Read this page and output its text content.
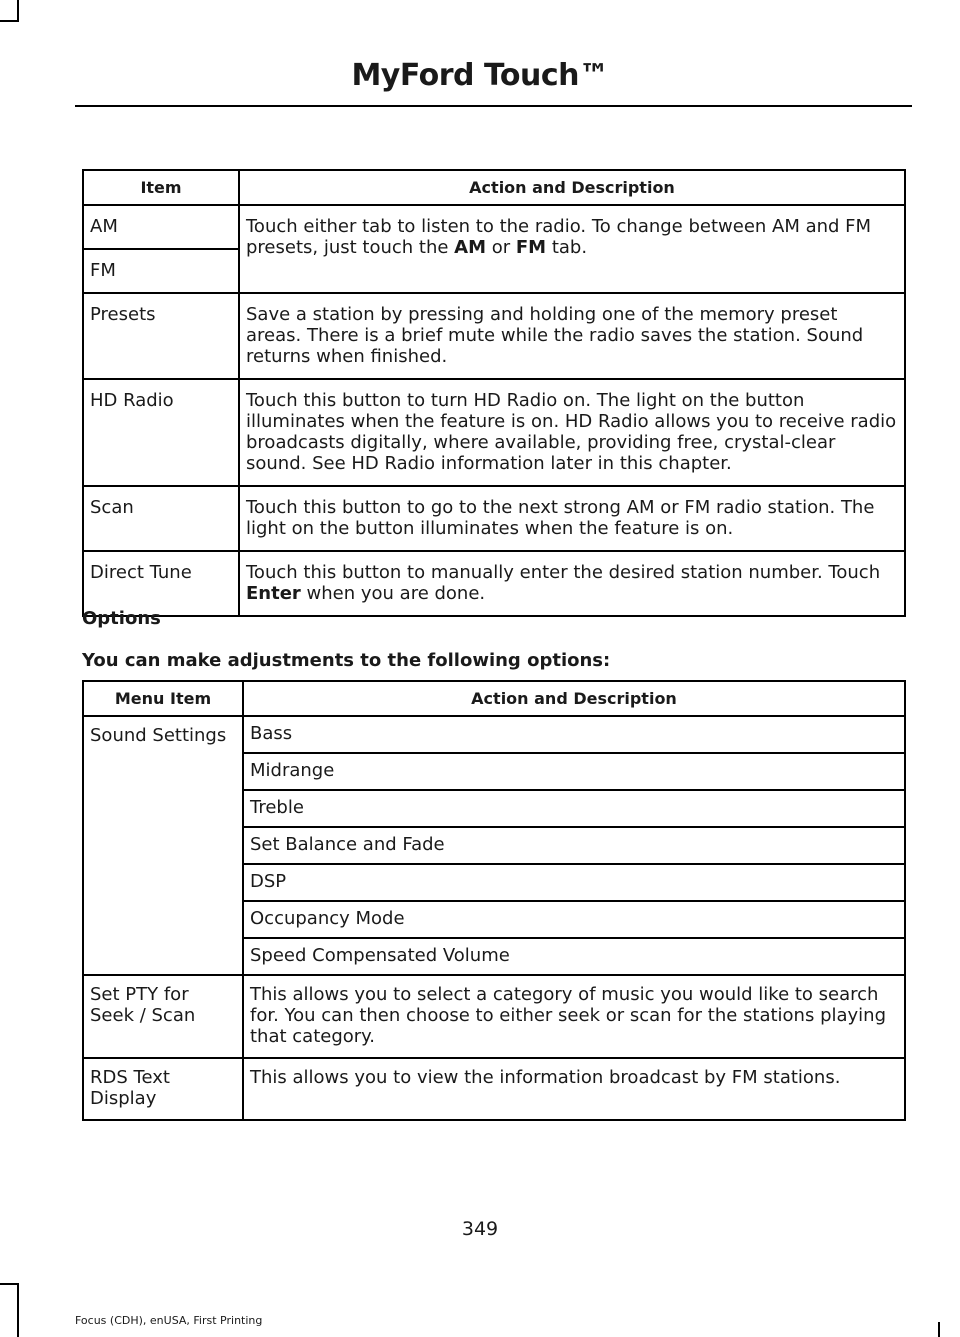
MyFord Touch™
Item	Action and Description
AM	Touch either tab to listen to the radio. To change between AM and FM presets, just touch the AM or FM tab.
FM	
Presets	Save a station by pressing and holding one of the memory preset areas. There is a brief mute while the radio saves the station. Sound returns when finished.
HD Radio	Touch this button to turn HD Radio on. The light on the button illuminates when the feature is on. HD Radio allows you to receive radio broadcasts digitally, where available, providing free, crystal-clear sound. See HD Radio information later in this chapter.
Scan	Touch this button to go to the next strong AM or FM radio station. The light on the button illuminates when the feature is on.
Direct Tune	Touch this button to manually enter the desired station number. Touch Enter when you are done.
Options
You can make adjustments to the following options:
Menu Item	Action and Description
Sound Settings	Bass
	Midrange
	Treble
	Set Balance and Fade
	DSP
	Occupancy Mode
	Speed Compensated Volume
Set PTY for Seek / Scan	This allows you to select a category of music you would like to search for. You can then choose to either seek or scan for the stations playing that category.
RDS Text Display	This allows you to view the information broadcast by FM stations.
349
Focus (CDH), enUSA, First Printing
